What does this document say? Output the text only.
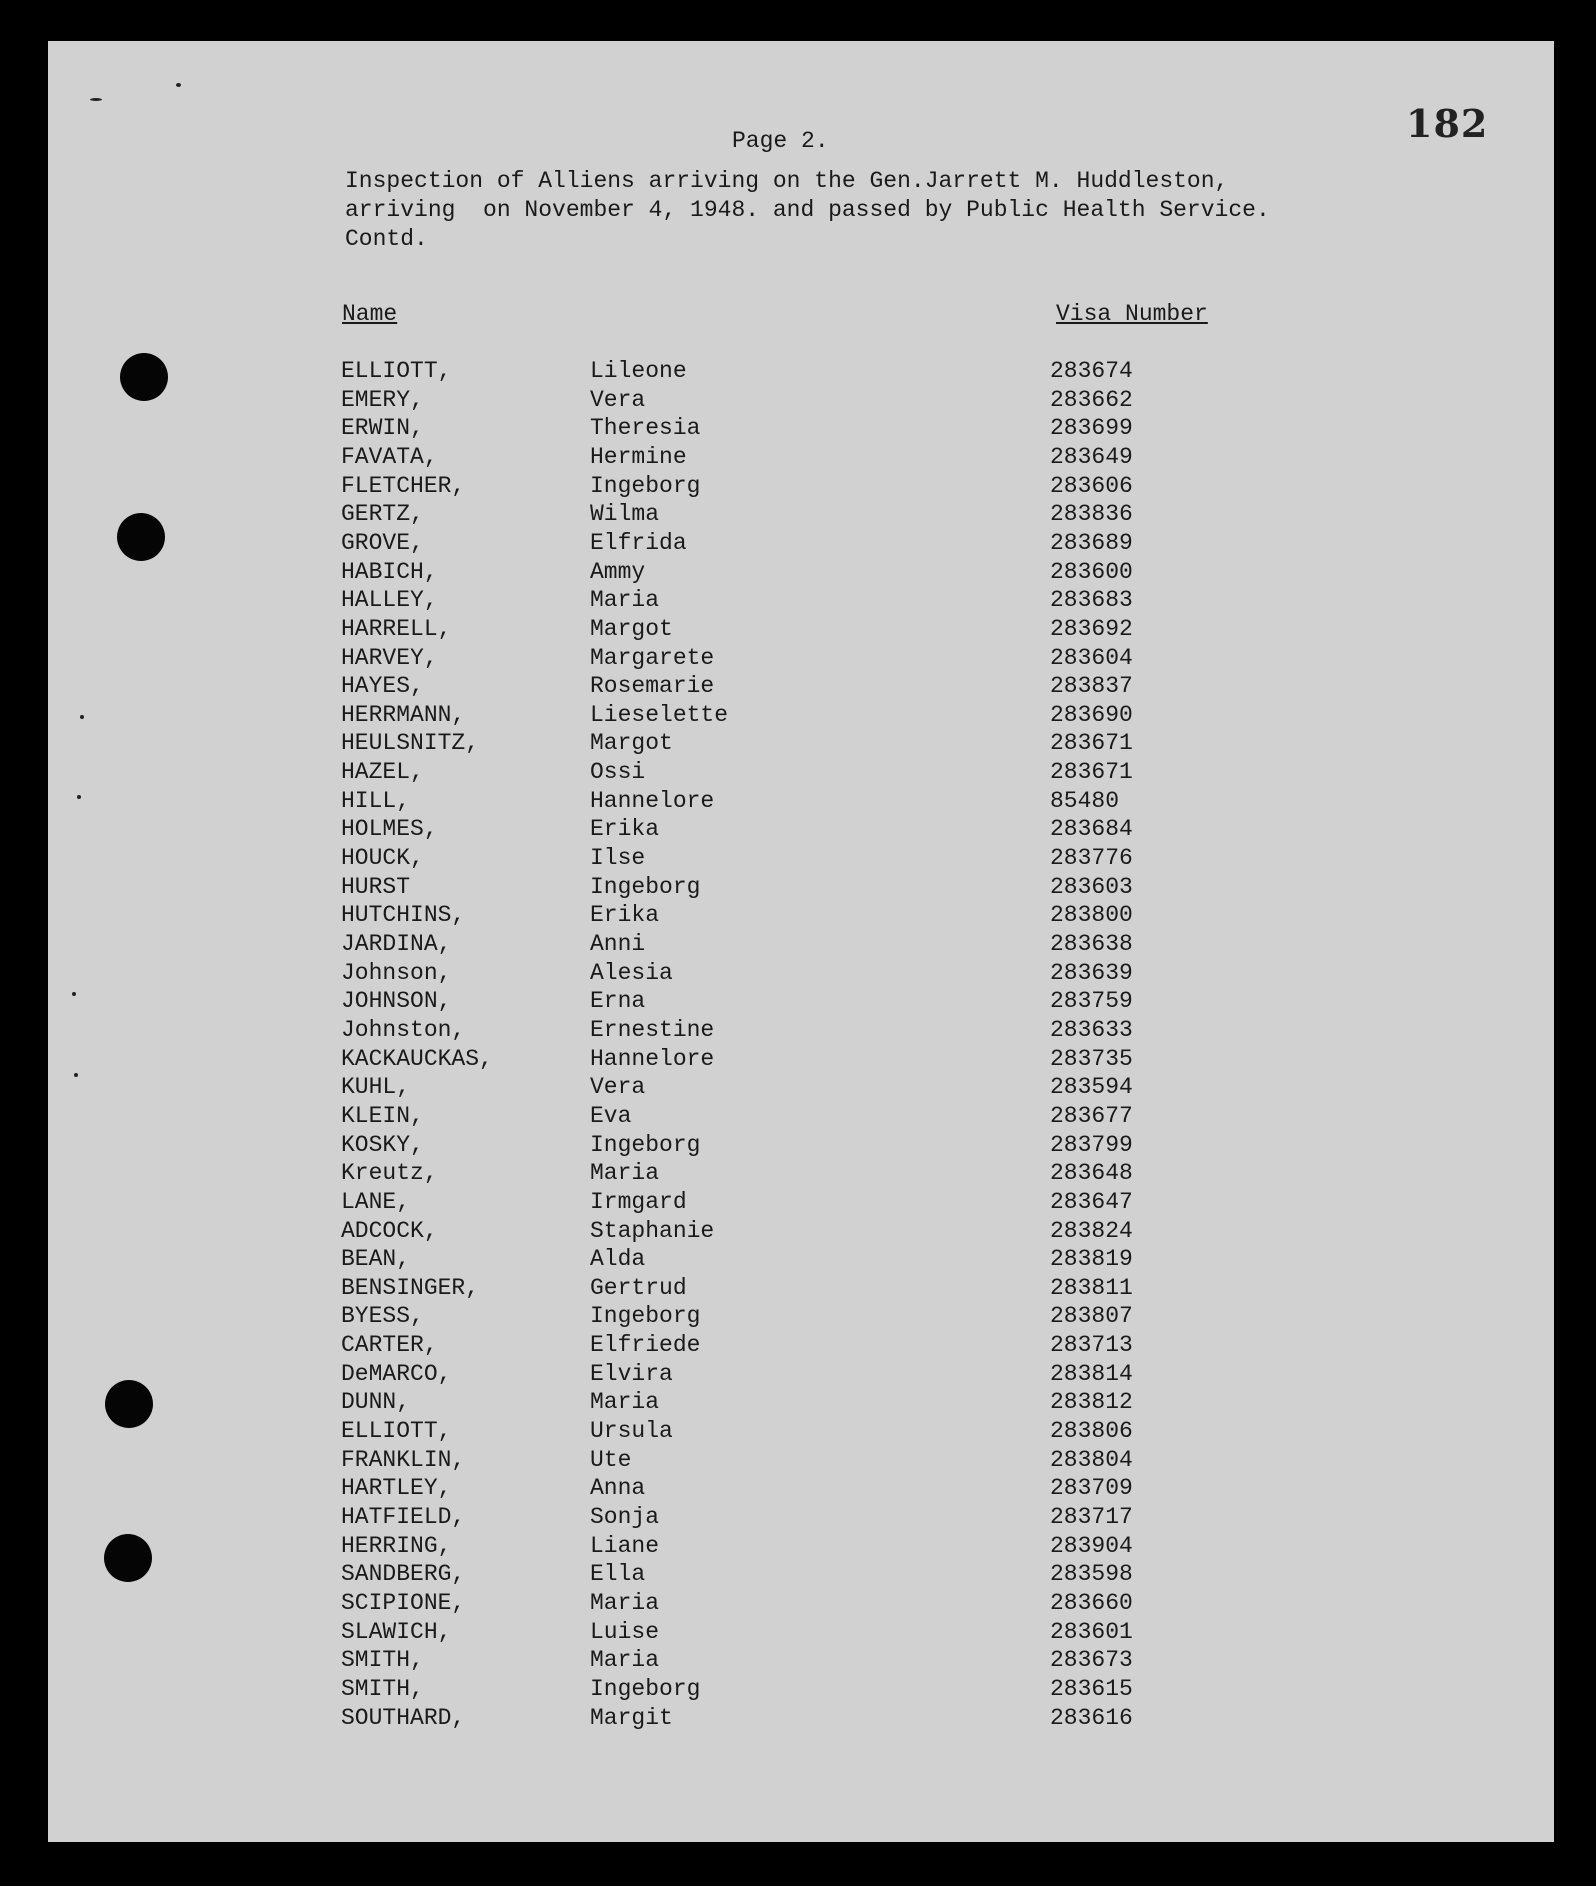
182
Page 2.
Inspection of Alliens arriving on the Gen.Jarrett M. Huddleston,
arriving  on November 4, 1948. and passed by Public Health Service.
Contd.
Name	Visa Number
ELLIOTT,	Lileone	283674
EMERY,	Vera	283662
ERWIN,	Theresia	283699
FAVATA,	Hermine	283649
FLETCHER,	Ingeborg	283606
GERTZ,	Wilma	283836
GROVE,	Elfrida	283689
HABICH,	Ammy	283600
HALLEY,	Maria	283683
HARRELL,	Margot	283692
HARVEY,	Margarete	283604
HAYES,	Rosemarie	283837
HERRMANN,	Lieselette	283690
HEULSNITZ,	Margot	283671
HAZEL,	Ossi	283671
HILL,	Hannelore	85480
HOLMES,	Erika	283684
HOUCK,	Ilse	283776
HURST	Ingeborg	283603
HUTCHINS,	Erika	283800
JARDINA,	Anni	283638
Johnson,	Alesia	283639
JOHNSON,	Erna	283759
Johnston,	Ernestine	283633
KACKAUCKAS,	Hannelore	283735
KUHL,	Vera	283594
KLEIN,	Eva	283677
KOSKY,	Ingeborg	283799
Kreutz,	Maria	283648
LANE,	Irmgard	283647
ADCOCK,	Staphanie	283824
BEAN,	Alda	283819
BENSINGER,	Gertrud	283811
BYESS,	Ingeborg	283807
CARTER,	Elfriede	283713
DeMARCO,	Elvira	283814
DUNN,	Maria	283812
ELLIOTT,	Ursula	283806
FRANKLIN,	Ute	283804
HARTLEY,	Anna	283709
HATFIELD,	Sonja	283717
HERRING,	Liane	283904
SANDBERG,	Ella	283598
SCIPIONE,	Maria	283660
SLAWICH,	Luise	283601
SMITH,	Maria	283673
SMITH,	Ingeborg	283615
SOUTHARD,	Margit	283616
